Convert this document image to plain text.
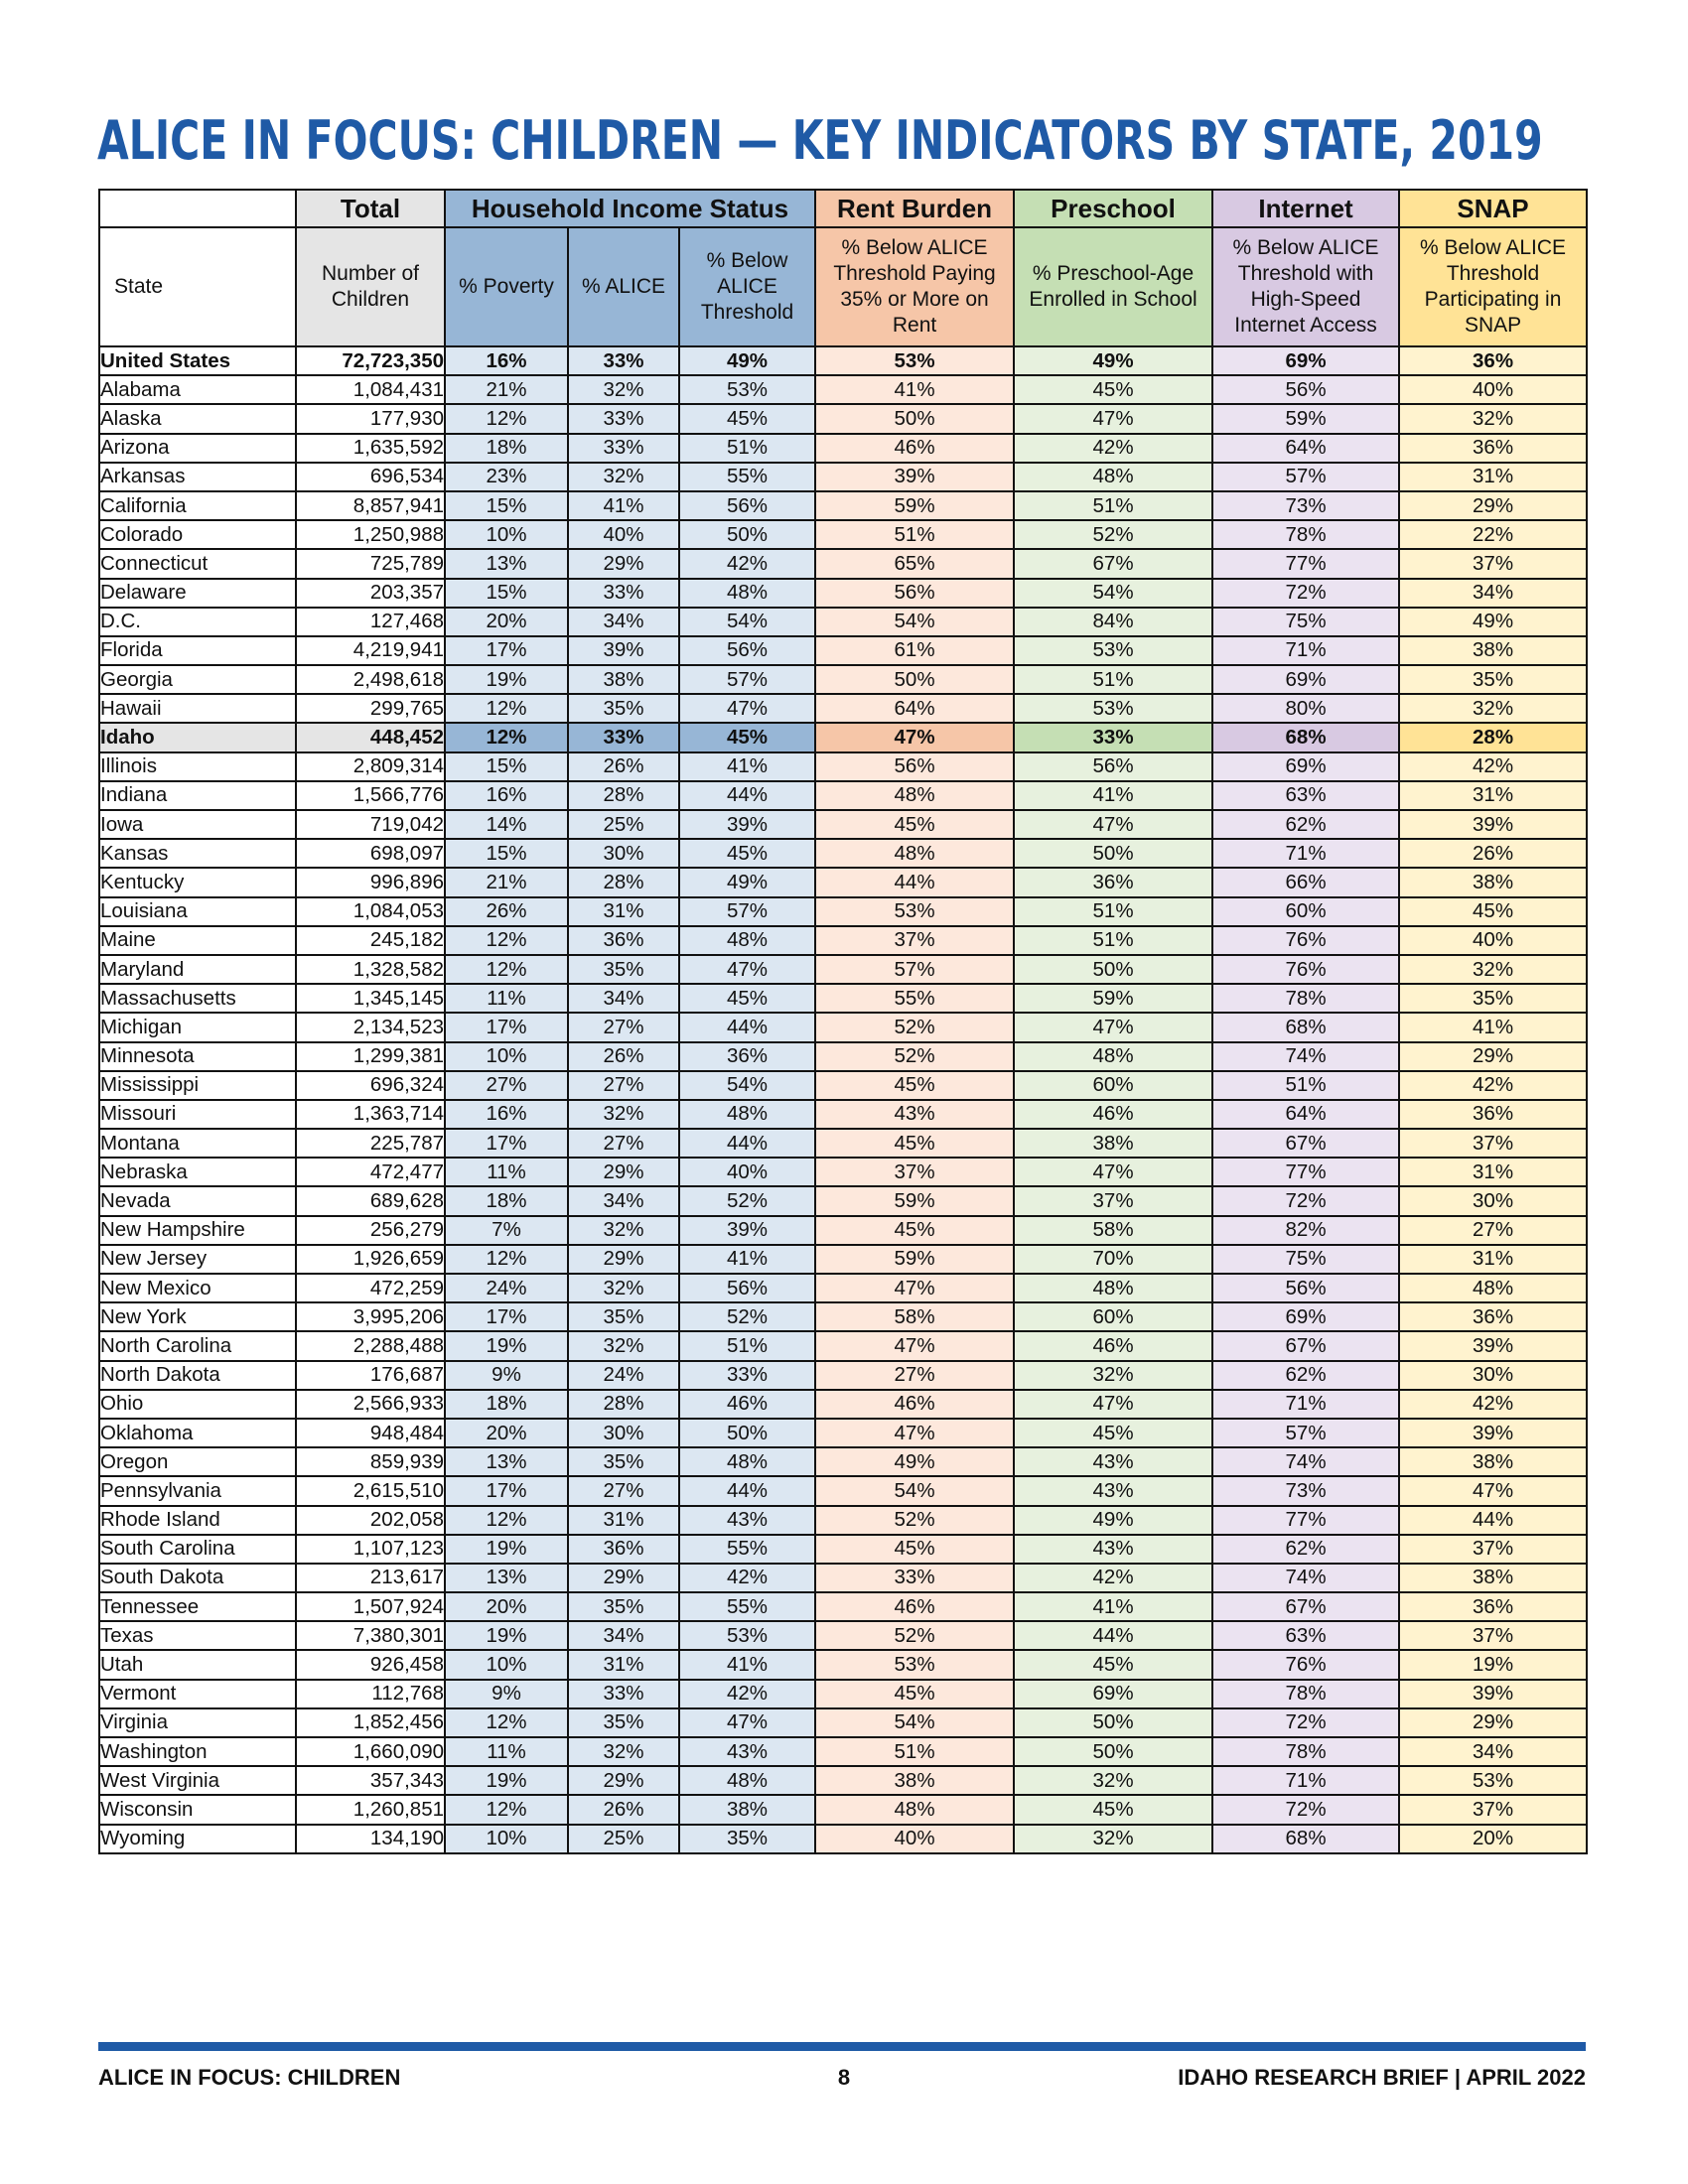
ALICE IN FOCUS: CHILDREN — KEY INDICATORS BY STATE, 2019
	Total	Household Income Status			Rent Burden	Preschool	Internet	SNAP
State	Number of Children	% Poverty	% ALICE	% Below ALICE Threshold	% Below ALICE Threshold Paying 35% or More on Rent	% Preschool-Age Enrolled in School	% Below ALICE Threshold with High-Speed Internet Access	% Below ALICE Threshold Participating in SNAP
United States	72,723,350	16%	33%	49%	53%	49%	69%	36%
Alabama	1,084,431	21%	32%	53%	41%	45%	56%	40%
Alaska	177,930	12%	33%	45%	50%	47%	59%	32%
Arizona	1,635,592	18%	33%	51%	46%	42%	64%	36%
Arkansas	696,534	23%	32%	55%	39%	48%	57%	31%
California	8,857,941	15%	41%	56%	59%	51%	73%	29%
Colorado	1,250,988	10%	40%	50%	51%	52%	78%	22%
Connecticut	725,789	13%	29%	42%	65%	67%	77%	37%
Delaware	203,357	15%	33%	48%	56%	54%	72%	34%
D.C.	127,468	20%	34%	54%	54%	84%	75%	49%
Florida	4,219,941	17%	39%	56%	61%	53%	71%	38%
Georgia	2,498,618	19%	38%	57%	50%	51%	69%	35%
Hawaii	299,765	12%	35%	47%	64%	53%	80%	32%
Idaho	448,452	12%	33%	45%	47%	33%	68%	28%
Illinois	2,809,314	15%	26%	41%	56%	56%	69%	42%
Indiana	1,566,776	16%	28%	44%	48%	41%	63%	31%
Iowa	719,042	14%	25%	39%	45%	47%	62%	39%
Kansas	698,097	15%	30%	45%	48%	50%	71%	26%
Kentucky	996,896	21%	28%	49%	44%	36%	66%	38%
Louisiana	1,084,053	26%	31%	57%	53%	51%	60%	45%
Maine	245,182	12%	36%	48%	37%	51%	76%	40%
Maryland	1,328,582	12%	35%	47%	57%	50%	76%	32%
Massachusetts	1,345,145	11%	34%	45%	55%	59%	78%	35%
Michigan	2,134,523	17%	27%	44%	52%	47%	68%	41%
Minnesota	1,299,381	10%	26%	36%	52%	48%	74%	29%
Mississippi	696,324	27%	27%	54%	45%	60%	51%	42%
Missouri	1,363,714	16%	32%	48%	43%	46%	64%	36%
Montana	225,787	17%	27%	44%	45%	38%	67%	37%
Nebraska	472,477	11%	29%	40%	37%	47%	77%	31%
Nevada	689,628	18%	34%	52%	59%	37%	72%	30%
New Hampshire	256,279	7%	32%	39%	45%	58%	82%	27%
New Jersey	1,926,659	12%	29%	41%	59%	70%	75%	31%
New Mexico	472,259	24%	32%	56%	47%	48%	56%	48%
New York	3,995,206	17%	35%	52%	58%	60%	69%	36%
North Carolina	2,288,488	19%	32%	51%	47%	46%	67%	39%
North Dakota	176,687	9%	24%	33%	27%	32%	62%	30%
Ohio	2,566,933	18%	28%	46%	46%	47%	71%	42%
Oklahoma	948,484	20%	30%	50%	47%	45%	57%	39%
Oregon	859,939	13%	35%	48%	49%	43%	74%	38%
Pennsylvania	2,615,510	17%	27%	44%	54%	43%	73%	47%
Rhode Island	202,058	12%	31%	43%	52%	49%	77%	44%
South Carolina	1,107,123	19%	36%	55%	45%	43%	62%	37%
South Dakota	213,617	13%	29%	42%	33%	42%	74%	38%
Tennessee	1,507,924	20%	35%	55%	46%	41%	67%	36%
Texas	7,380,301	19%	34%	53%	52%	44%	63%	37%
Utah	926,458	10%	31%	41%	53%	45%	76%	19%
Vermont	112,768	9%	33%	42%	45%	69%	78%	39%
Virginia	1,852,456	12%	35%	47%	54%	50%	72%	29%
Washington	1,660,090	11%	32%	43%	51%	50%	78%	34%
West Virginia	357,343	19%	29%	48%	38%	32%	71%	53%
Wisconsin	1,260,851	12%	26%	38%	48%	45%	72%	37%
Wyoming	134,190	10%	25%	35%	40%	32%	68%	20%
ALICE IN FOCUS: CHILDREN	8	IDAHO RESEARCH BRIEF | APRIL 2022
